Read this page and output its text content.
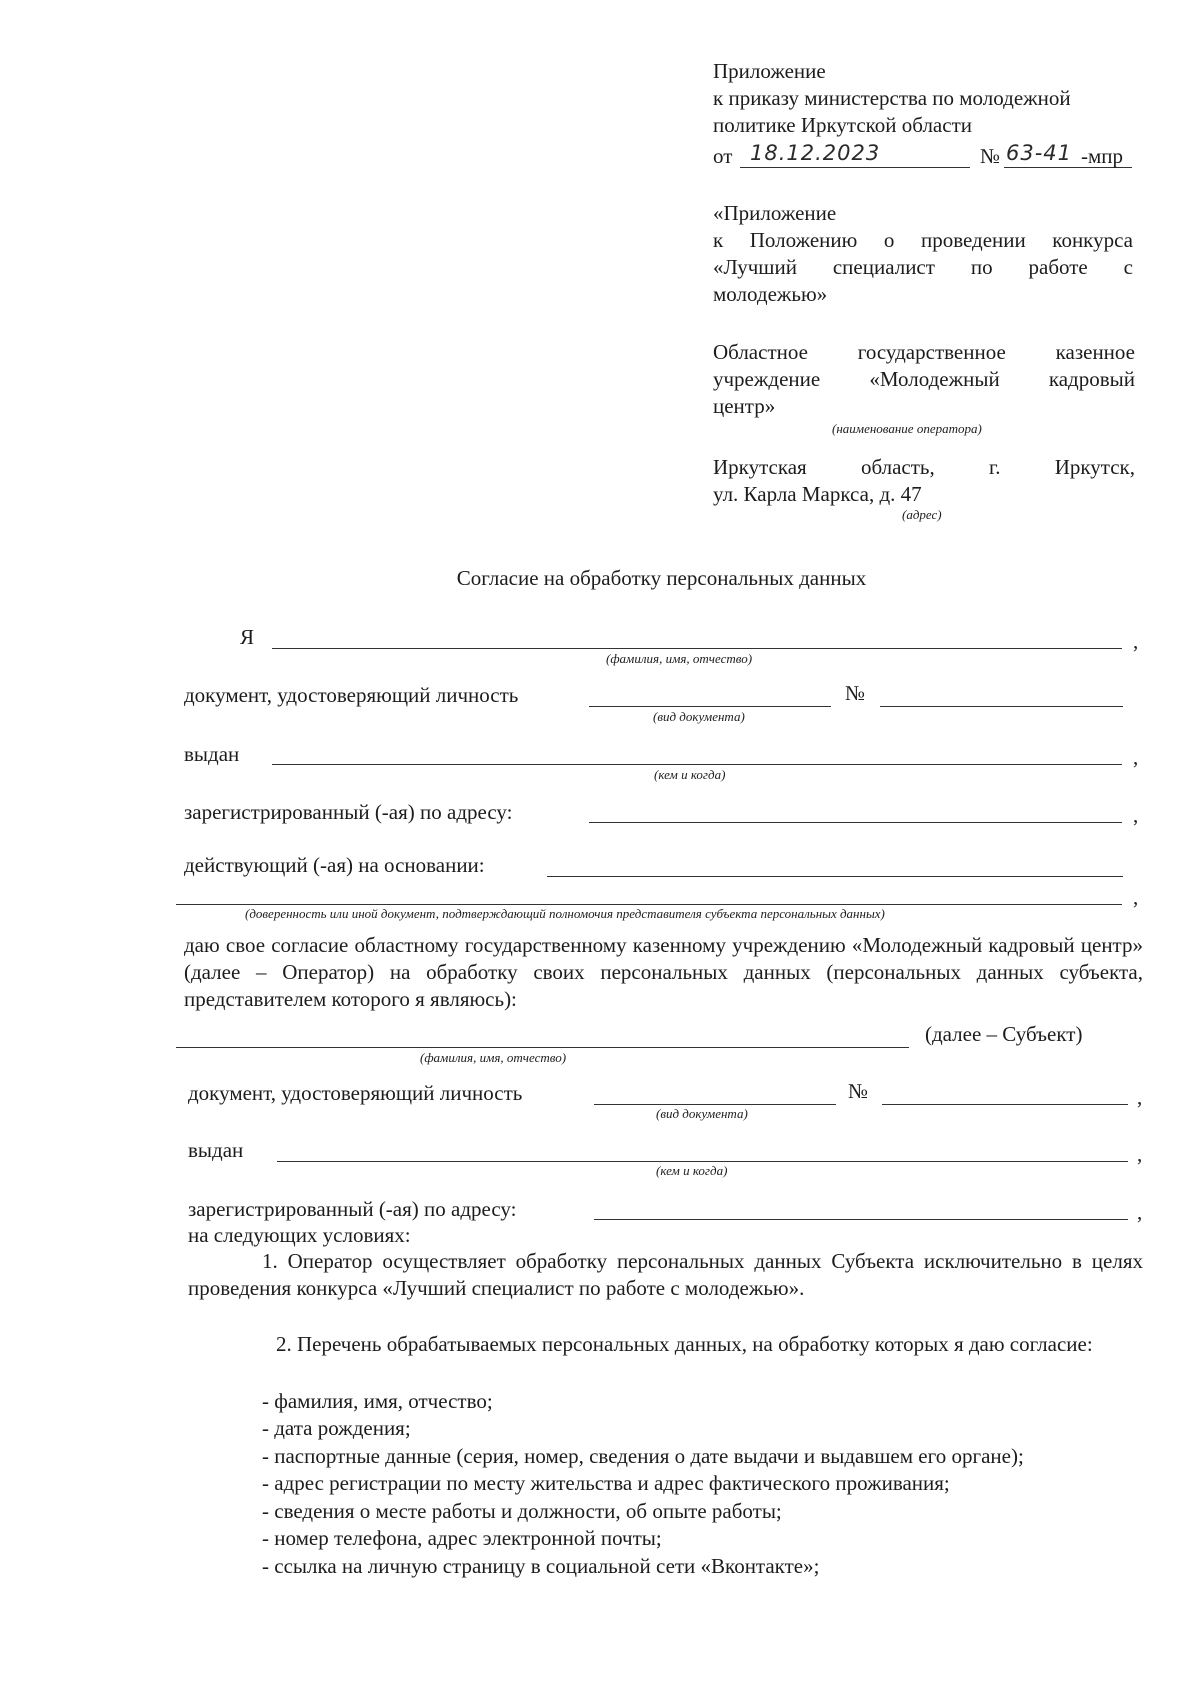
Приложение
к приказу министерства по молодежной
политике Иркутской области
от 18.12.2023	№ 63-41 -мпр
«Приложение
к Положению о проведении конкурса
«Лучший специалист по работе с
молодежью»
Областное государственное казенное
учреждение «Молодежный кадровый
центр»
(наименование оператора)
Иркутская область, г. Иркутск,
ул. Карла Маркса, д. 47
(адрес)
Согласие на обработку персональных данных
Я	,
(фамилия, имя, отчество)
документ, удостоверяющий личность	№
(вид документа)
выдан	,
(кем и когда)
зарегистрированный (-ая) по адресу:	,
действующий (-ая) на основании:
,
(доверенность или иной документ, подтверждающий полномочия представителя субъекта персональных данных)
даю свое согласие областному государственному казенному учреждению «Молодежный кадровый центр» (далее – Оператор) на обработку своих персональных данных (персональных данных субъекта, представителем которого я являюсь):
(далее – Субъект)
(фамилия, имя, отчество)
документ, удостоверяющий личность	№	,
(вид документа)
выдан	,
(кем и когда)
зарегистрированный (-ая) по адресу:	,
на следующих условиях:
1. Оператор осуществляет обработку персональных данных Субъекта исключительно в целях проведения конкурса «Лучший специалист по работе с молодежью».
2. Перечень обрабатываемых персональных данных, на обработку которых я даю согласие:
- фамилия, имя, отчество;
- дата рождения;
- паспортные данные (серия, номер, сведения о дате выдачи и выдавшем его органе);
- адрес регистрации по месту жительства и адрес фактического проживания;
- сведения о месте работы и должности, об опыте работы;
- номер телефона, адрес электронной почты;
- ссылка на личную страницу в социальной сети «Вконтакте»;
